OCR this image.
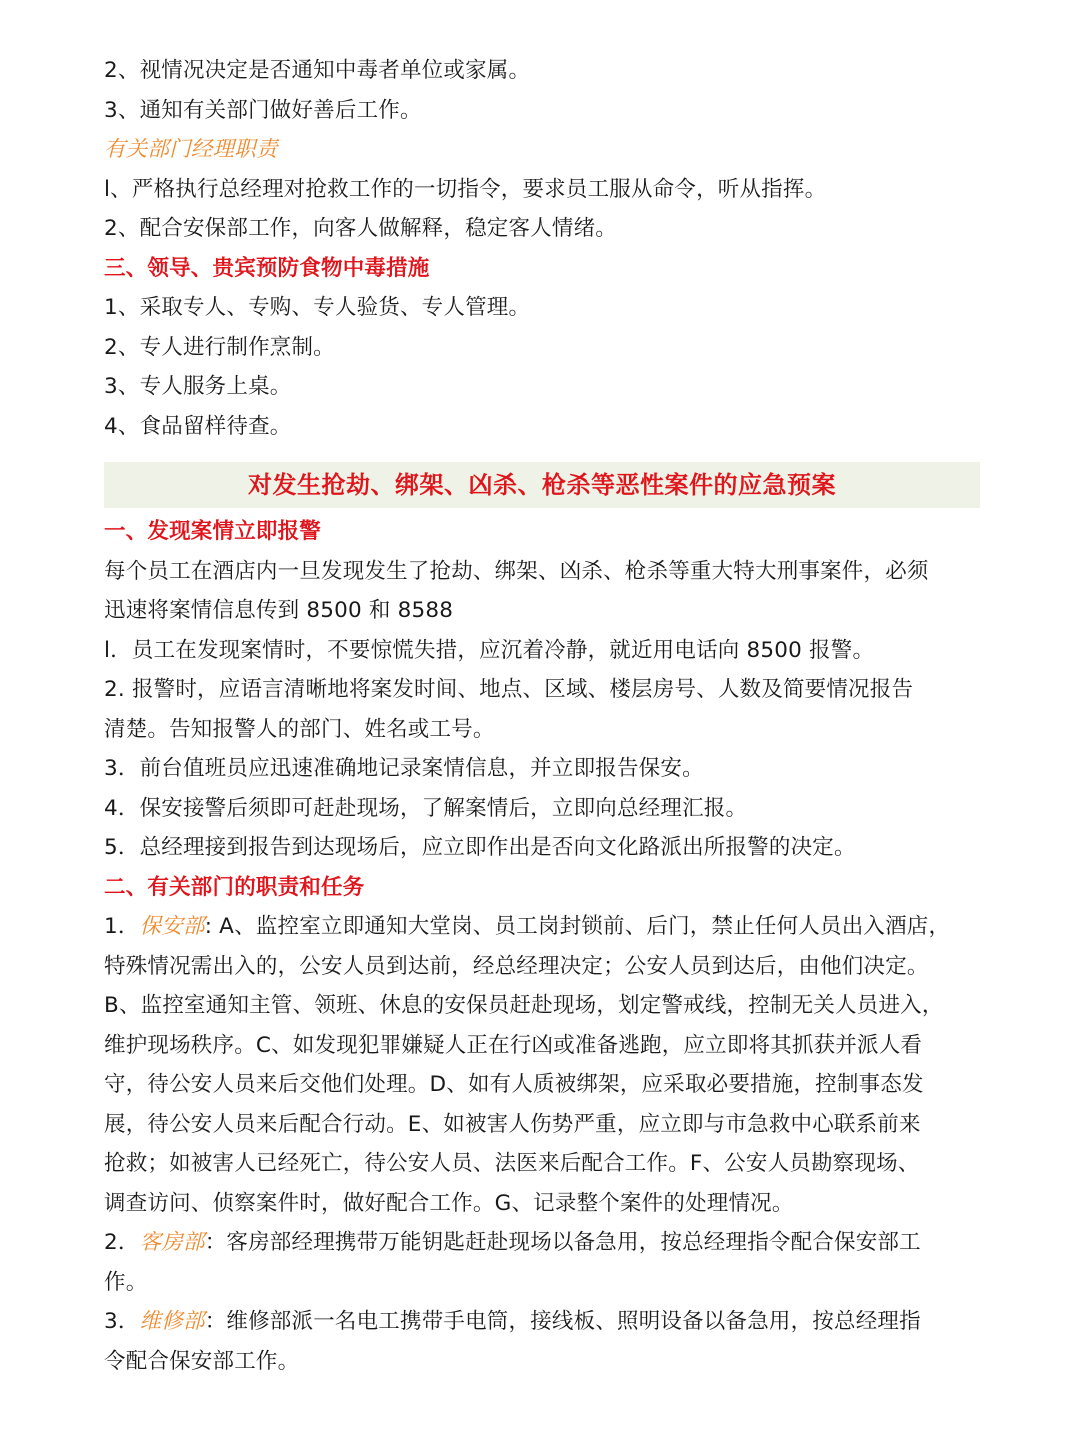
2、视情况决定是否通知中毒者单位或家属。
3、通知有关部门做好善后工作。
有关部门经理职责
l、严格执行总经理对抢救工作的一切指令，要求员工服从命令，听从指挥。
2、配合安保部工作，向客人做解释，稳定客人情绪。
三、领导、贵宾预防食物中毒措施
1、采取专人、专购、专人验货、专人管理。
2、专人进行制作烹制。
3、专人服务上桌。
4、食品留样待查。
对发生抢劫、绑架、凶杀、枪杀等恶性案件的应急预案
一、发现案情立即报警
每个员工在酒店内一旦发现发生了抢劫、绑架、凶杀、枪杀等重大特大刑事案件，必须
迅速将案情信息传到 8500 和 8588
l．员工在发现案情时，不要惊慌失措，应沉着冷静，就近用电话向 8500 报警。
2. 报警时，应语言清晰地将案发时间、地点、区域、楼层房号、人数及简要情况报告
清楚。告知报警人的部门、姓名或工号。
3．前台值班员应迅速准确地记录案情信息，并立即报告保安。
4．保安接警后须即可赶赴现场，了解案情后，立即向总经理汇报。
5．总经理接到报告到达现场后，应立即作出是否向文化路派出所报警的决定。
二、有关部门的职责和任务
1．保安部: A、监控室立即通知大堂岗、员工岗封锁前、后门，禁止任何人员出入酒店，
特殊情况需出入的，公安人员到达前，经总经理决定；公安人员到达后，由他们决定。
B、监控室通知主管、领班、休息的安保员赶赴现场，划定警戒线，控制无关人员进入，
维护现场秩序。C、如发现犯罪嫌疑人正在行凶或准备逃跑，应立即将其抓获并派人看
守，待公安人员来后交他们处理。D、如有人质被绑架，应采取必要措施，控制事态发
展，待公安人员来后配合行动。E、如被害人伤势严重，应立即与市急救中心联系前来
抢救；如被害人已经死亡，待公安人员、法医来后配合工作。F、公安人员勘察现场、
调查访问、侦察案件时，做好配合工作。G、记录整个案件的处理情况。
2．客房部：客房部经理携带万能钥匙赶赴现场以备急用，按总经理指令配合保安部工
作。
3．维修部：维修部派一名电工携带手电筒，接线板、照明设备以备急用，按总经理指
令配合保安部工作。
